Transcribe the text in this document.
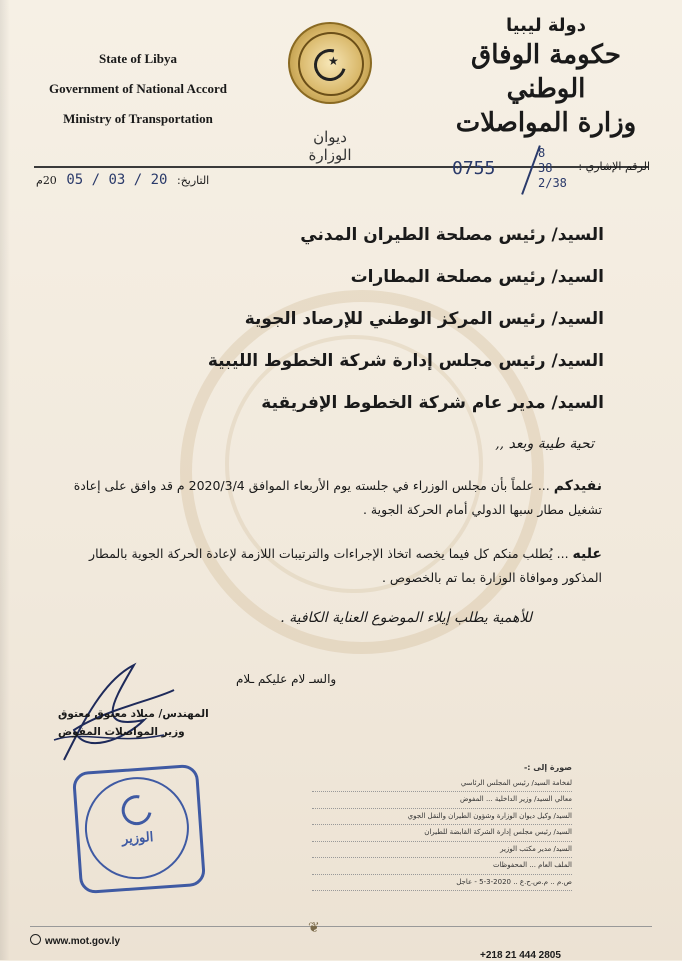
State of Libya
Government of National Accord
Ministry of Transportation
★
ديوان الوزارة
دولة ليبيا
حكومة الوفاق الوطني
وزارة المواصلات
التاريخ: 20 / 03 / 05 20م
الرقم الإشاري :
8
38
2/38
0755
السيد/ رئيس مصلحة الطيران المدني
السيد/ رئيس مصلحة المطارات
السيد/ رئيس المركز الوطني للإرصاد الجوية
السيد/ رئيس مجلس إدارة شركة الخطوط الليبية
السيد/ مدير عام شركة الخطوط الإفريقية
تحية طيبة وبعد ,,
نفيدكم ... علماً بأن مجلس الوزراء في جلسته يوم الأربعاء الموافق 2020/3/4 م قد وافق على إعادة تشغيل مطار سبها الدولي أمام الحركة الجوية .
عليه ... يُطلب منكم كل فيما يخصه اتخاذ الإجراءات والترتيبات اللازمة لإعادة الحركة الجوية بالمطار المذكور وموافاة الوزارة بما تم بالخصوص .
للأهمية يطلب إيلاء الموضوع العناية الكافية .
والسـ لام عليكم ـلام
المهندس/ ميلاد معتوق معتوق
وزير المواصلات المفوض
الوزير
صورة إلى :-
لفخامة السيد/ رئيس المجلس الرئاسي
معالي السيد/ وزير الداخلية ... المفوض
السيد/ وكيل ديوان الوزارة وشؤون الطيران والنقل الجوي
السيد/ رئيس مجلس إدارة الشركة القابضة للطيران
السيد/ مدير مكتب الوزير
الملف العام ... المحفوظات
ص.م .. م.ص.ح.ع .. 2020-3-5 - عاجل
❦
www.mot.gov.ly
+218 21 444 2805
